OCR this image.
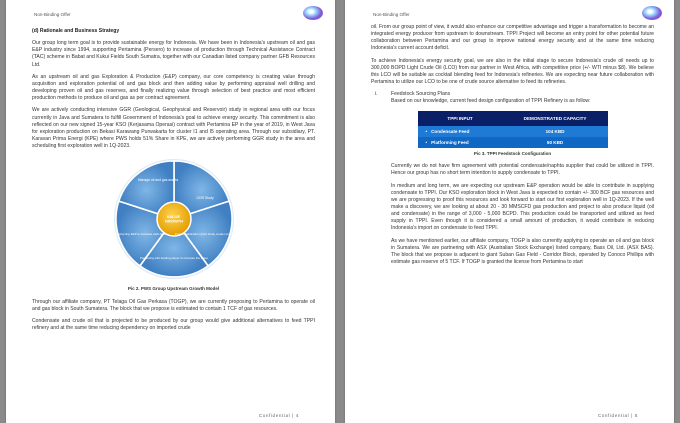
Non-Binding Offer
(d) Rationale and Business Strategy

Our group long term goal is to provide sustainable energy for Indonesia. We have been in Indonesia's upstream oil and gas E&P industry since 1994, supporting Pertamina (Persero) to increase oil production through Technical Assistance Contract (TAC) scheme in Babat and Kukui Fields South Sumatra, together with our Canadian listed company partner GFB Resources Ltd.

As an upstream oil and gas Exploration & Production (E&P) company, our core competency is creating value through acquisition and exploration potential oil and gas block and then adding value by performing appraisal well drilling and developing proven oil and gas reserves, and finally realizing value through selection of best practice and most efficient production methods to produce oil and gas as per contract agreement.

We are actively conducting intensive GGR (Geological, Geophysical and Reservoir) study in regional area with our focus currently in Java and Sumatera to fulfill Government of Indonesia's goal to achieve energy security. This commitment is also reflected on our new signed 15-year KSO (Kerjasama Operasi) contract with Pertamina EP in the year of 2019, in West Java for exploration production on Bekasi Karawang Purwakarta for cluster I1 and I5 operating area. Through our subsidiary, PT. Karavan Prima Energi (KPE) where PWS holds 51% Share in KPE, we are actively performing GGR study in the area and scheduling first exploration well in 1Q-2023.

VALUE GROWTH
Manage oil and gas assets
GGR Study
Project Application (joint study, tender process)
Partnering with leading player to increase the value
Delivering E&P to increase cash flow
Pic 2. PWS Group Upstream Growth Model

Through our affiliate company, PT Telaga Oil Gas Perkasa (TOGP), we are currently proposing to Pertamina to operate oil and gas block in South Sumatera. The block that we propose is estimated to contain 1 TCF of gas resources.

Condensate and crude oil that is projected to be produced by our group would give additional alternatives to feed TPPI refinery and at the same time reducing dependency on imported crude

Confidential | 4
Non-Binding Offer

oil. From our group point of view, it would also enhance our competitive advantage and trigger a transformation to become an integrated energy producer from upstream to downstream. TPPI Project will become an entry point for other potential future collaboration between Pertamina and our group to improve national energy security and at the same time reducing Indonesia's current account deficit.

To achieve Indonesia's energy security goal, we are also in the initial stage to secure Indonesia's crude oil needs up to 300,000 BOPD Light Crude Oil (LCO) from our partner in West Africa, with competitive price (+/- WTI minus $8). We believe this LCO will be suitable as cocktail blending feed for Indonesia's refineries. We are expecting near future collaboration with Pertamina to utilize our LCO to be one of crude source alternative to feed its refineries.

i.	Feedstock Sourcing Plans

Based on our knowledge, current feed design configuration of TPPI Refinery is as follow:

TPPI INPUT	DEMONSTRATED CAPACITY
• Condensate Feed	104 KBD
• Platforming Feed	50 KBD
Pic 3. TPPI Feedstock Configuration

Currently we do not have firm agreement with potential condensate/naphta supplier that could be utilized in TPPI. Hence our group has no short term intention to supply condensate to TPPI.

In medium and long term, we are expecting our upstream E&P operation would be able to contribute in supplying condensate to TPPI. Our KSO exploration block in West Java is expected to contain +/- 300 BCF gas resources and we are progressing to proof this resources and look forward to start our first exploration well in 1Q-2023. If the well make a discovery, we are looking at about 20 - 30 MMSCFD gas production and project to also produce liquid (oil and condensate) in the range of 3,000 - 5,000 BCPD. This production could be transported and utilized as feed supply in TPPI. Even though it is considered a small amount of production, it would contribute in reducing Indonesia's import on condensate to feed TPPI.

As we have mentioned earlier, our affiliate company, TOGP is also currently applying to operate an oil and gas block in Sumatera. We are partnering with ASX (Australian Stock Exchange) listed company, Bass Oil, Ltd. (ASX BAS). The block that we propose is adjacent to giant Suban Gas Field - Corridor Block, operated by Conoco Phillips with estimate gas reserve of 5 TCF. If TOGP is granted the license from Pertamina to start

Confidential | 5
